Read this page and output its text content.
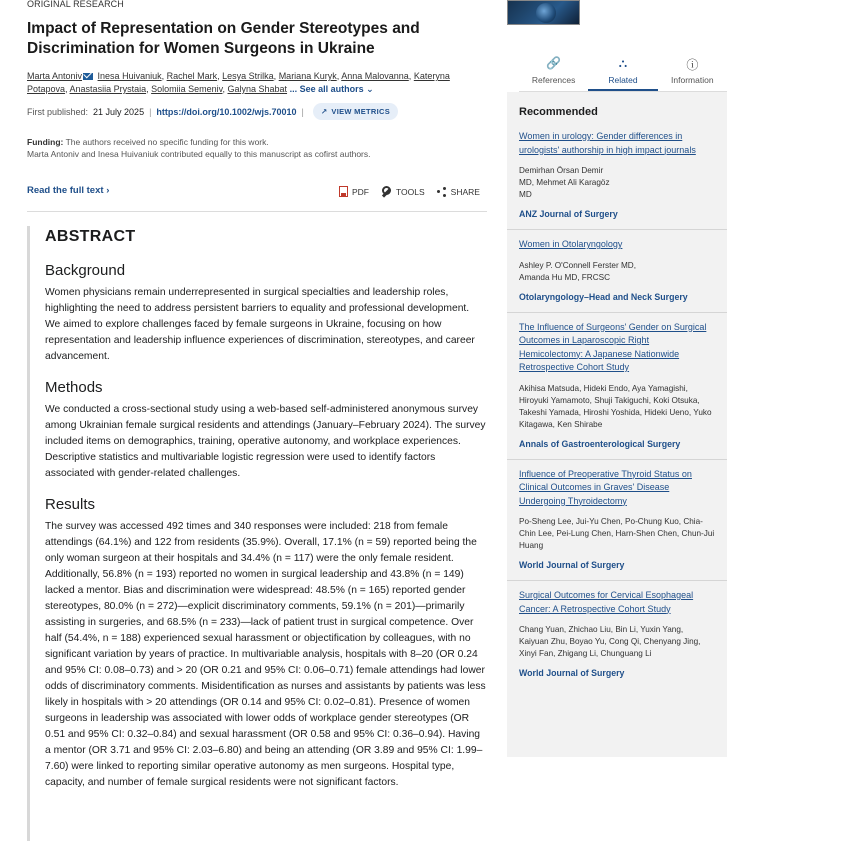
ORIGINAL RESEARCH
Impact of Representation on Gender Stereotypes and Discrimination for Women Surgeons in Ukraine
Marta Antoniv Inesa Huivaniuk, Rachel Mark, Lesya Strilka, Mariana Kuryk, Anna Malovanna, Kateryna Potapova, Anastasiia Prystaia, Solomiia Semeniv, Galyna Shabat ... See all authors ⌄
First published: 21 July 2025 | https://doi.org/10.1002/wjs.70010 | ↗ VIEW METRICS
Funding: The authors received no specific funding for this work.
Marta Antoniv and Inesa Huivaniuk contributed equally to this manuscript as cofirst authors.
Read the full text ›	PDF	TOOLS	SHARE
ABSTRACT
Background

Women physicians remain underrepresented in surgical specialties and leadership roles, highlighting the need to address persistent barriers to equality and professional development. We aimed to explore challenges faced by female surgeons in Ukraine, focusing on how representation and leadership influence experiences of discrimination, stereotypes, and career advancement.

Methods

We conducted a cross-sectional study using a web-based self-administered anonymous survey among Ukrainian female surgical residents and attendings (January–February 2024). The survey included items on demographics, training, operative autonomy, and workplace experiences. Descriptive statistics and multivariable logistic regression were used to identify factors associated with gender-related challenges.

Results

The survey was accessed 492 times and 340 responses were included: 218 from female attendings (64.1%) and 122 from residents (35.9%). Overall, 17.1% (n = 59) reported being the only woman surgeon at their hospitals and 34.4% (n = 117) were the only female resident. Additionally, 56.8% (n = 193) reported no women in surgical leadership and 43.8% (n = 149) lacked a mentor. Bias and discrimination were widespread: 48.5% (n = 165) reported gender stereotypes, 80.0% (n = 272)—explicit discriminatory comments, 59.1% (n = 201)—primarily assisting in surgeries, and 68.5% (n = 233)—lack of patient trust in surgical competence. Over half (54.4%, n = 188) experienced sexual harassment or objectification by colleagues, with no significant variation by years of practice. In multivariable analysis, hospitals with 8–20 (OR 0.24 and 95% CI: 0.08–0.73) and > 20 (OR 0.21 and 95% CI: 0.06–0.71) female attendings had lower odds of discriminatory comments. Misidentification as nurses and assistants by patients was less likely in hospitals with > 20 attendings (OR 0.14 and 95% CI: 0.02–0.81). Presence of women surgeons in leadership was associated with lower odds of workplace gender stereotypes (OR 0.51 and 95% CI: 0.32–0.84) and sexual harassment (OR 0.58 and 95% CI: 0.36–0.94). Having a mentor (OR 3.71 and 95% CI: 2.03–6.80) and being an attending (OR 3.89 and 95% CI: 1.99–7.60) were linked to reporting similar operative autonomy as men surgeons. Hospital type, capacity, and number of female surgical residents were not significant factors.

🔗
References
⛬
Related
ⓘ
Information
Recommended
Women in urology: Gender differences in urologists' authorship in high impact journals
Demirhan Örsan Demir MD, Mehmet Ali Karagöz MD
ANZ Journal of Surgery
Women in Otolaryngology
Ashley P. O'Connell Ferster MD, Amanda Hu MD, FRCSC
Otolaryngology–Head and Neck Surgery
The Influence of Surgeons' Gender on Surgical Outcomes in Laparoscopic Right Hemicolectomy: A Japanese Nationwide Retrospective Cohort Study
Akihisa Matsuda, Hideki Endo, Aya Yamagishi, Hiroyuki Yamamoto, Shuji Takiguchi, Koki Otsuka, Takeshi Yamada, Hiroshi Yoshida, Hideki Ueno, Yuko Kitagawa, Ken Shirabe
Annals of Gastroenterological Surgery
Influence of Preoperative Thyroid Status on Clinical Outcomes in Graves' Disease Undergoing Thyroidectomy
Po-Sheng Lee, Jui-Yu Chen, Po-Chung Kuo, Chia-Chin Lee, Pei-Lung Chen, Harn-Shen Chen, Chun-Jui Huang
World Journal of Surgery
Surgical Outcomes for Cervical Esophageal Cancer: A Retrospective Cohort Study
Chang Yuan, Zhichao Liu, Bin Li, Yuxin Yang, Kaiyuan Zhu, Boyao Yu, Cong Qi, Chenyang Jing, Xinyi Fan, Zhigang Li, Chunguang Li
World Journal of Surgery
